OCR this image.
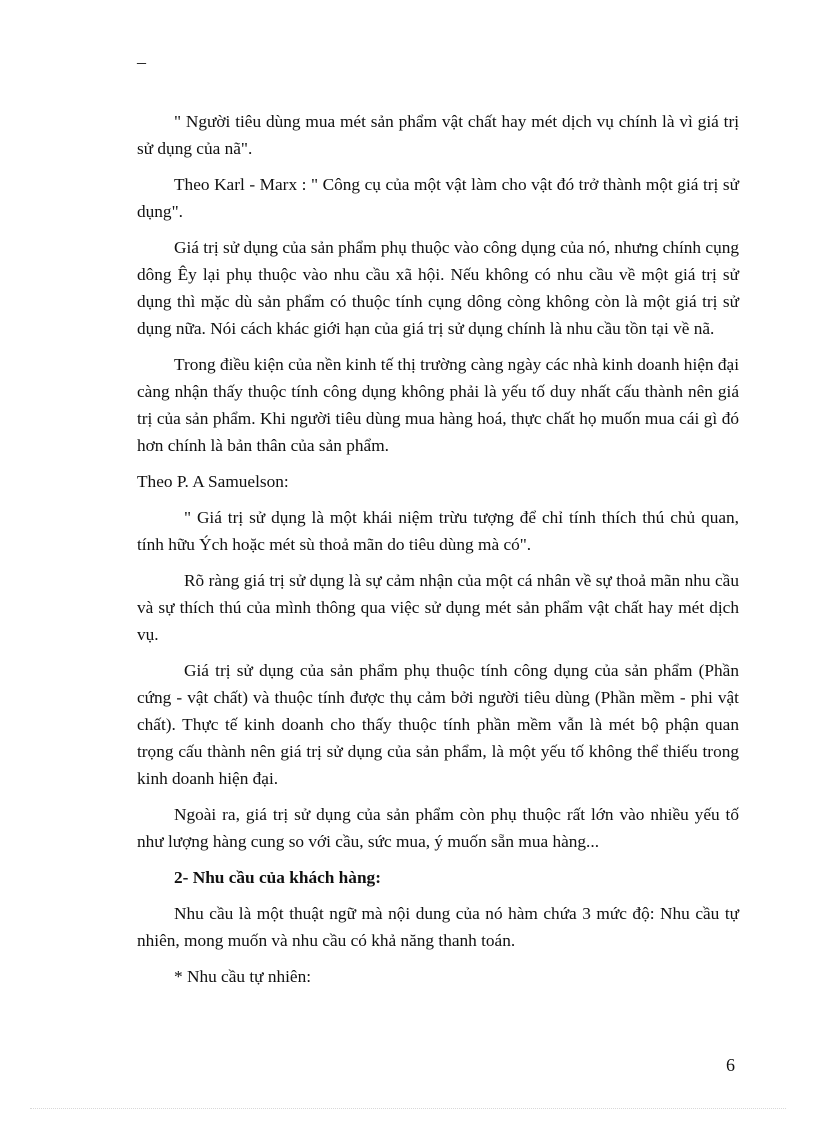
–

" Người tiêu dùng mua mét sản phẩm vật chất hay mét dịch vụ chính là vì giá trị sử dụng của nã".

Theo Karl - Marx : " Công cụ của một vật làm cho vật đó trở thành một giá trị sử dụng".

Giá trị sử dụng của sản phẩm phụ thuộc vào công dụng của nó, nhưng chính cụng dông Êy lại phụ thuộc vào nhu cầu xã hội. Nếu không có nhu cầu về một giá trị sử dụng thì mặc dù sản phẩm có thuộc tính cụng dông còng không còn là một giá trị sử dụng nữa. Nói cách khác giới hạn của giá trị sử dụng chính là nhu cầu tồn tại về nã.

Trong điều kiện của nền kinh tế thị trường càng ngày các nhà kinh doanh hiện đại càng nhận thấy thuộc tính công dụng không phải là yếu tố duy nhất cấu thành nên giá trị của sản phẩm. Khi người tiêu dùng mua hàng hoá, thực chất họ muốn mua cái gì đó hơn chính là bản thân của sản phẩm.

Theo P. A Samuelson:

" Giá trị sử dụng là một khái niệm trừu tượng để chỉ tính thích thú chủ quan, tính hữu Ých hoặc mét sù thoả mãn do tiêu dùng mà có".

Rõ ràng giá trị sử dụng là sự cảm nhận của một cá nhân về sự thoả mãn nhu cầu và sự thích thú của mình thông qua việc sử dụng mét sản phẩm vật chất hay mét dịch vụ.

Giá trị sử dụng của sản phẩm phụ thuộc tính công dụng của sản phẩm (Phần cứng - vật chất) và thuộc tính được thụ cảm bởi người tiêu dùng (Phần mềm - phi vật chất). Thực tế kinh doanh cho thấy thuộc tính phần mềm vẫn là mét bộ phận quan trọng cấu thành nên giá trị sử dụng của sản phẩm, là một yếu tố không thể thiếu trong kinh doanh hiện đại.

Ngoài ra, giá trị sử dụng của sản phẩm còn phụ thuộc rất lớn vào nhiều yếu tố như lượng hàng cung so với cầu, sức mua, ý muốn sẵn mua hàng...

2- Nhu cầu của khách hàng:

Nhu cầu là một thuật ngữ mà nội dung của nó hàm chứa 3 mức độ: Nhu cầu tự nhiên, mong muốn và nhu cầu có khả năng thanh toán.

* Nhu cầu tự nhiên:

6
